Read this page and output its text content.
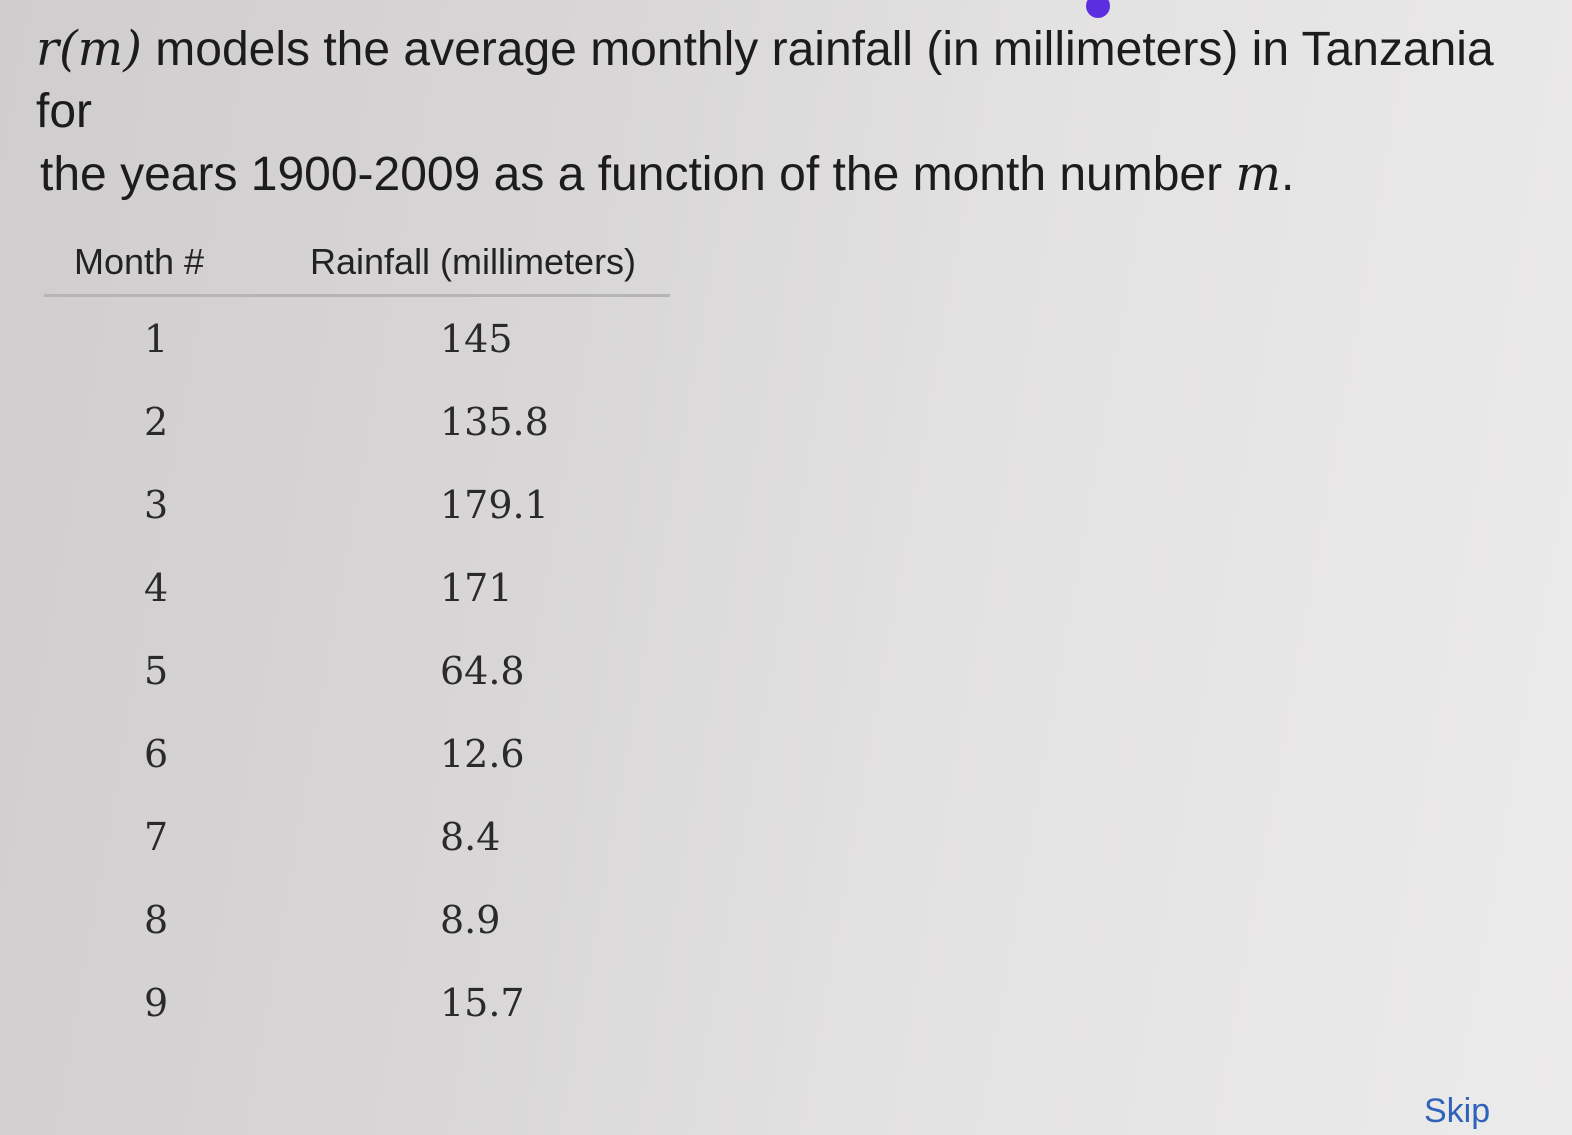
r(m) models the average monthly rainfall (in millimeters) in Tanzania for
the years 1900-2009 as a function of the month number m.
Month #	Rainfall (millimeters)
1	145
2	135.8
3	179.1
4	171
5	64.8
6	12.6
7	8.4
8	8.9
9	15.7
Skip
